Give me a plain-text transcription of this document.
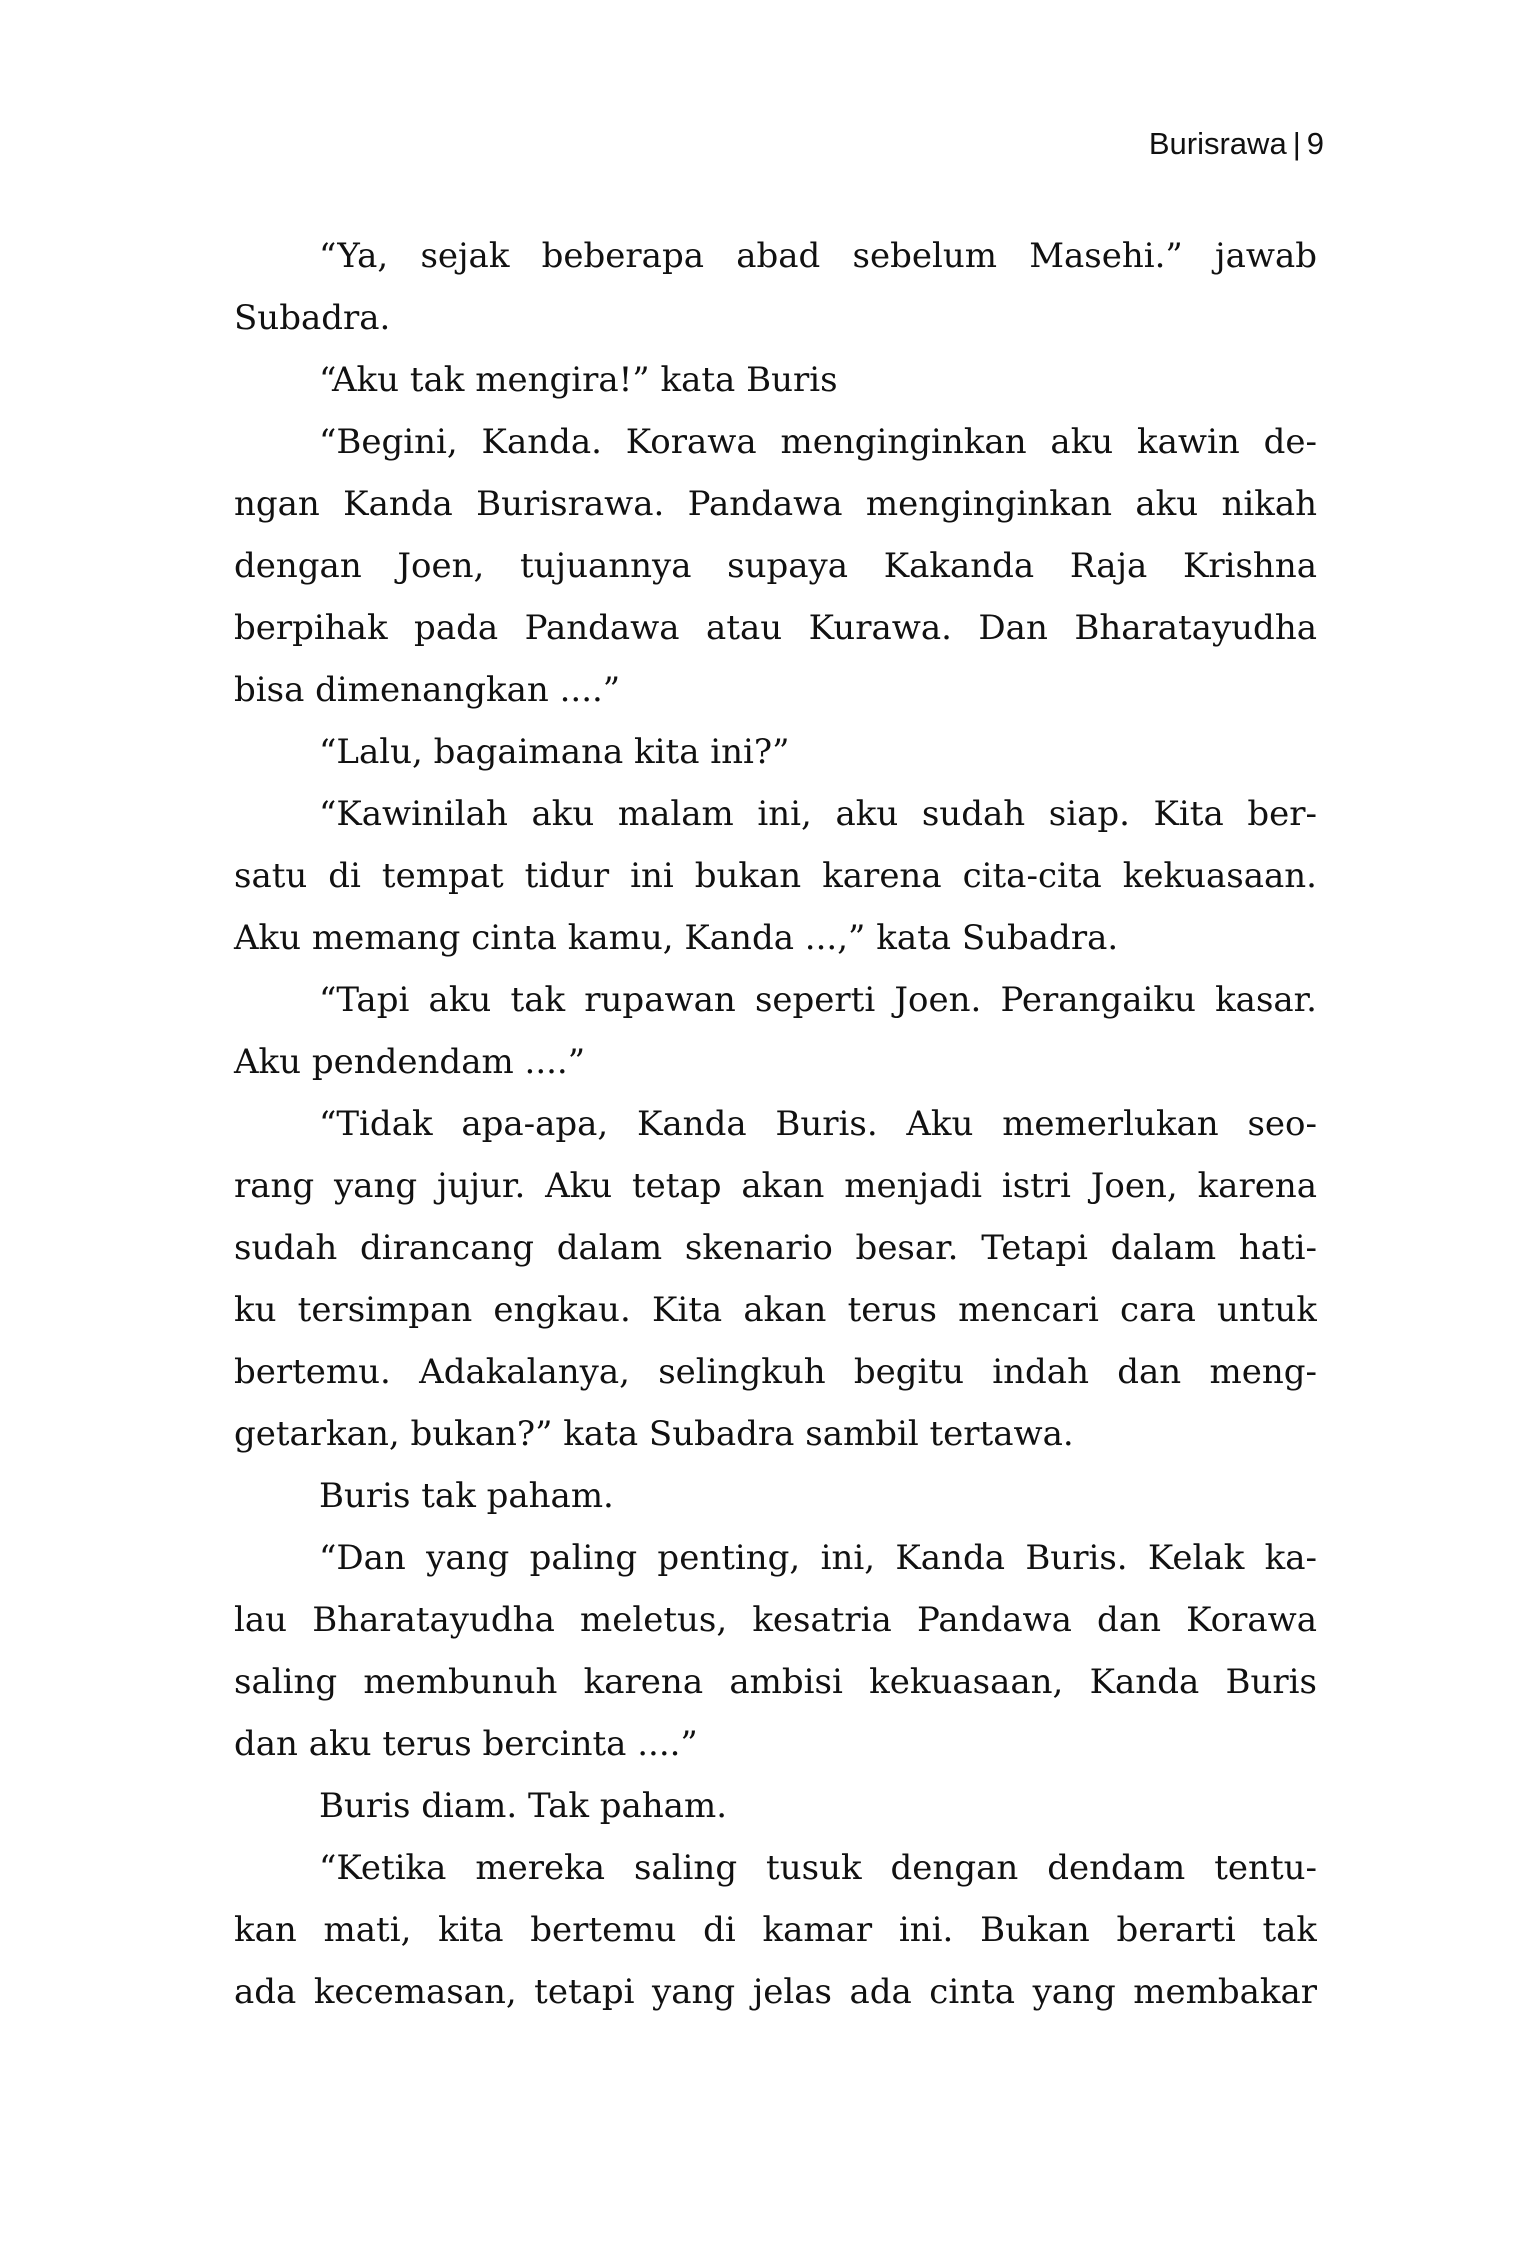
Burisrawa | 9
“Ya, sejak beberapa abad sebelum Masehi.” jawab
Subadra.
“Aku tak mengira!” kata Buris
“Begini, Kanda. Korawa menginginkan aku kawin de-
ngan Kanda Burisrawa. Pandawa menginginkan aku nikah
dengan Joen, tujuannya supaya Kakanda Raja Krishna
berpihak pada Pandawa atau Kurawa. Dan Bharatayudha
bisa dimenangkan ....”
“Lalu, bagaimana kita ini?”
“Kawinilah aku malam ini, aku sudah siap. Kita ber-
satu di tempat tidur ini bukan karena cita-cita kekuasaan.
Aku memang cinta kamu, Kanda ...,” kata Subadra.
“Tapi aku tak rupawan seperti Joen. Perangaiku kasar.
Aku pendendam ....”
“Tidak apa-apa, Kanda Buris. Aku memerlukan seo-
rang yang jujur. Aku tetap akan menjadi istri Joen, karena
sudah dirancang dalam skenario besar. Tetapi dalam hati-
ku tersimpan engkau. Kita akan terus mencari cara untuk
bertemu. Adakalanya, selingkuh begitu indah dan meng-
getarkan, bukan?” kata Subadra sambil tertawa.
Buris tak paham.
“Dan yang paling penting, ini, Kanda Buris. Kelak ka-
lau Bharatayudha meletus, kesatria Pandawa dan Korawa
saling membunuh karena ambisi kekuasaan, Kanda Buris
dan aku terus bercinta ....”
Buris diam. Tak paham.
“Ketika mereka saling tusuk dengan dendam tentu-
kan mati, kita bertemu di kamar ini. Bukan berarti tak
ada kecemasan, tetapi yang jelas ada cinta yang membakar
